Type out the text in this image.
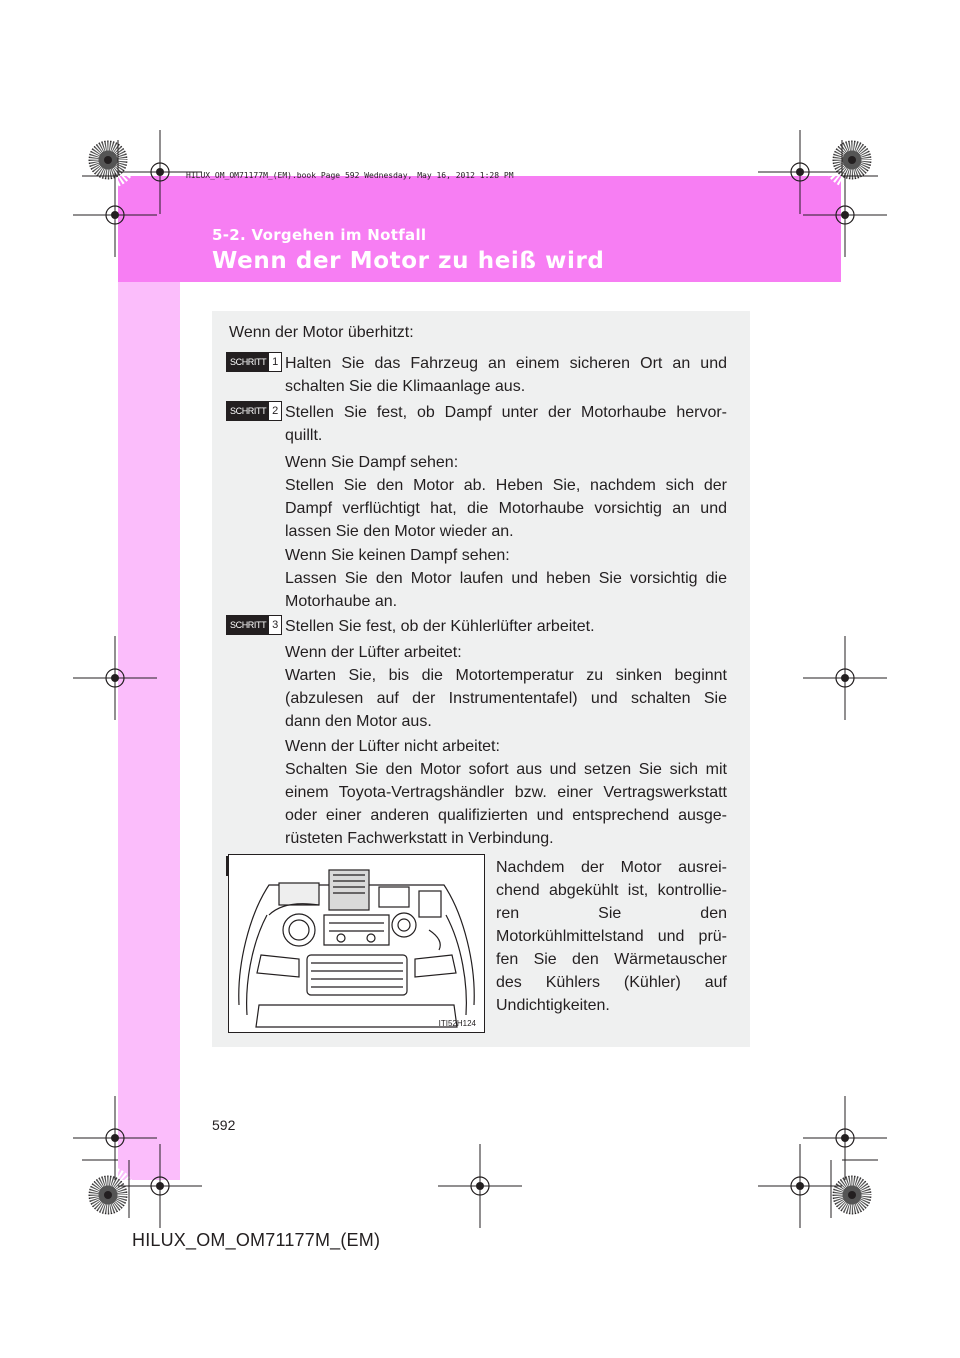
5-2. Vorgehen im Notfall
Wenn der Motor zu heiß wird
HILUX_OM_OM71177M_(EM).book Page 592 Wednesday, May 16, 2012 1:28 PM
Wenn der Motor überhitzt:
SCHRITT 1 Halten Sie das Fahrzeug an einem sicheren Ort an und
schalten Sie die Klimaanlage aus.
SCHRITT 2 Stellen Sie fest, ob Dampf unter der Motorhaube hervor-
quillt.
Wenn Sie Dampf sehen:
Stellen Sie den Motor ab. Heben Sie, nachdem sich der
Dampf verflüchtigt hat, die Motorhaube vorsichtig an und
lassen Sie den Motor wieder an.
Wenn Sie keinen Dampf sehen:
Lassen Sie den Motor laufen und heben Sie vorsichtig die
Motorhaube an.
SCHRITT 3 Stellen Sie fest, ob der Kühlerlüfter arbeitet.
Wenn der Lüfter arbeitet:
Warten Sie, bis die Motortemperatur zu sinken beginnt
(abzulesen auf der Instrumententafel) und schalten Sie
dann den Motor aus.
Wenn der Lüfter nicht arbeitet:
Schalten Sie den Motor sofort aus und setzen Sie sich mit
einem Toyota-Vertragshändler bzw. einer Vertragswerkstatt
oder einer anderen qualifizierten und entsprechend ausge-
rüsteten Fachwerkstatt in Verbindung.
ITI52H124
Nachdem der Motor ausrei-
chend abgekühlt ist, kontrollie-
ren Sie den
Motorkühlmittelstand und prü-
fen Sie den Wärmetauscher
des Kühlers (Kühler) auf
Undichtigkeiten.
592
HILUX_OM_OM71177M_(EM)
